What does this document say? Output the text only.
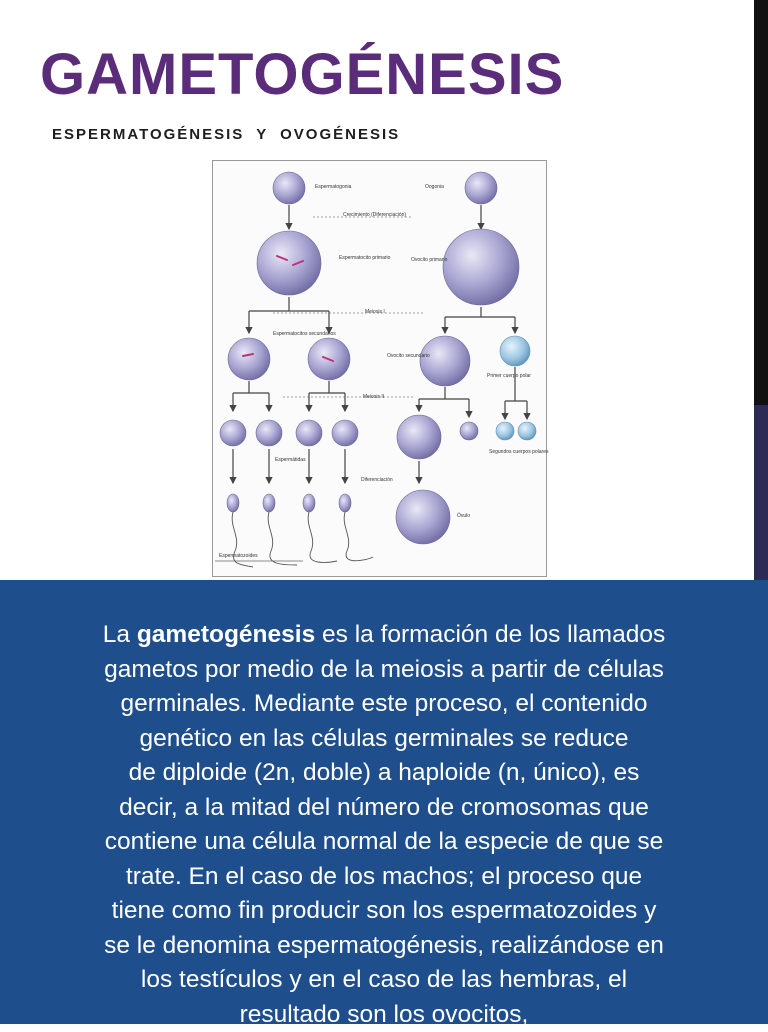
GAMETOGÉNESIS
ESPERMATOGÉNESIS Y OVOGÉNESIS
Espermatogonia	Oogonia
Crecimiento (Diferenciación)
Espermatocito primario	Ovocito primario
Meiosis I
Espermatocitos secundarios
Ovocito secundario
Primer cuerpo polar
Meiosis II
Espermátidas
Segundos cuerpos polares
Diferenciación
Óvulo
Espermatozoides

La gametogénesis es la formación de los llamados
gametos por medio de la meiosis a partir de células
germinales. Mediante este proceso, el contenido
genético en las células germinales se reduce
de diploide (2n, doble) a haploide (n, único), es
decir, a la mitad del número de cromosomas que
contiene una célula normal de la especie de que se
trate. En el caso de los machos; el proceso que
tiene como fin producir son los espermatozoides y
se le denomina espermatogénesis, realizándose en
los testículos y en el caso de las hembras, el
resultado son los ovocitos,
